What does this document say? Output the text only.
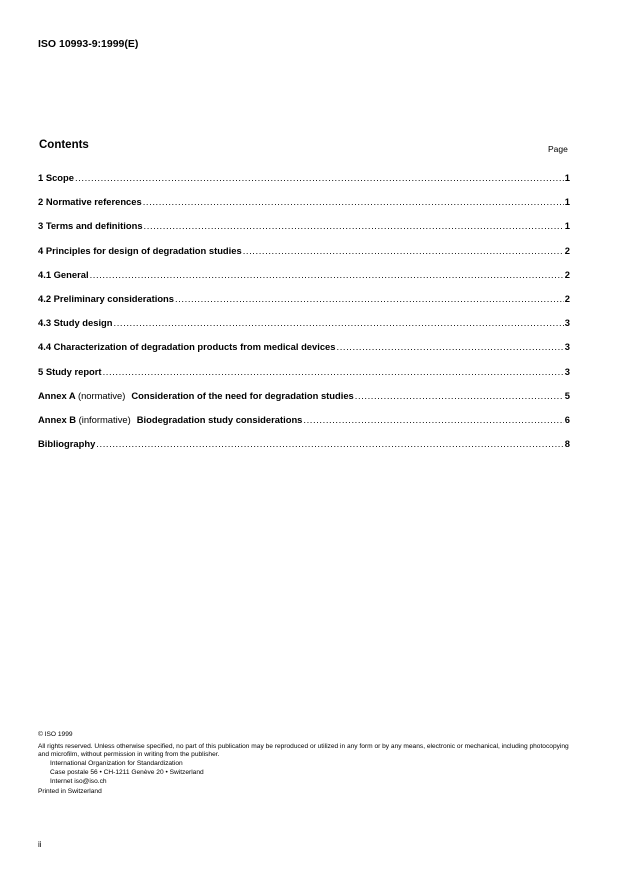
ISO 10993-9:1999(E)
Contents	Page
1 Scope .....	1
2 Normative references .....	1
3 Terms and definitions .....	1
4 Principles for design of degradation studies .....	2
4.1 General .....	2
4.2 Preliminary considerations .....	2
4.3 Study design .....	3
4.4 Characterization of degradation products from medical devices .....	3
5 Study report .....	3
Annex A (normative) Consideration of the need for degradation studies .....	5
Annex B (informative) Biodegradation study considerations .....	6
Bibliography .....	8
© ISO 1999
All rights reserved. Unless otherwise specified, no part of this publication may be reproduced or utilized in any form or by any means, electronic or mechanical, including photocopying and microfilm, without permission in writing from the publisher.
International Organization for Standardization
Case postale 56 • CH-1211 Genève 20 • Switzerland
Internet iso@iso.ch
Printed in Switzerland
ii
